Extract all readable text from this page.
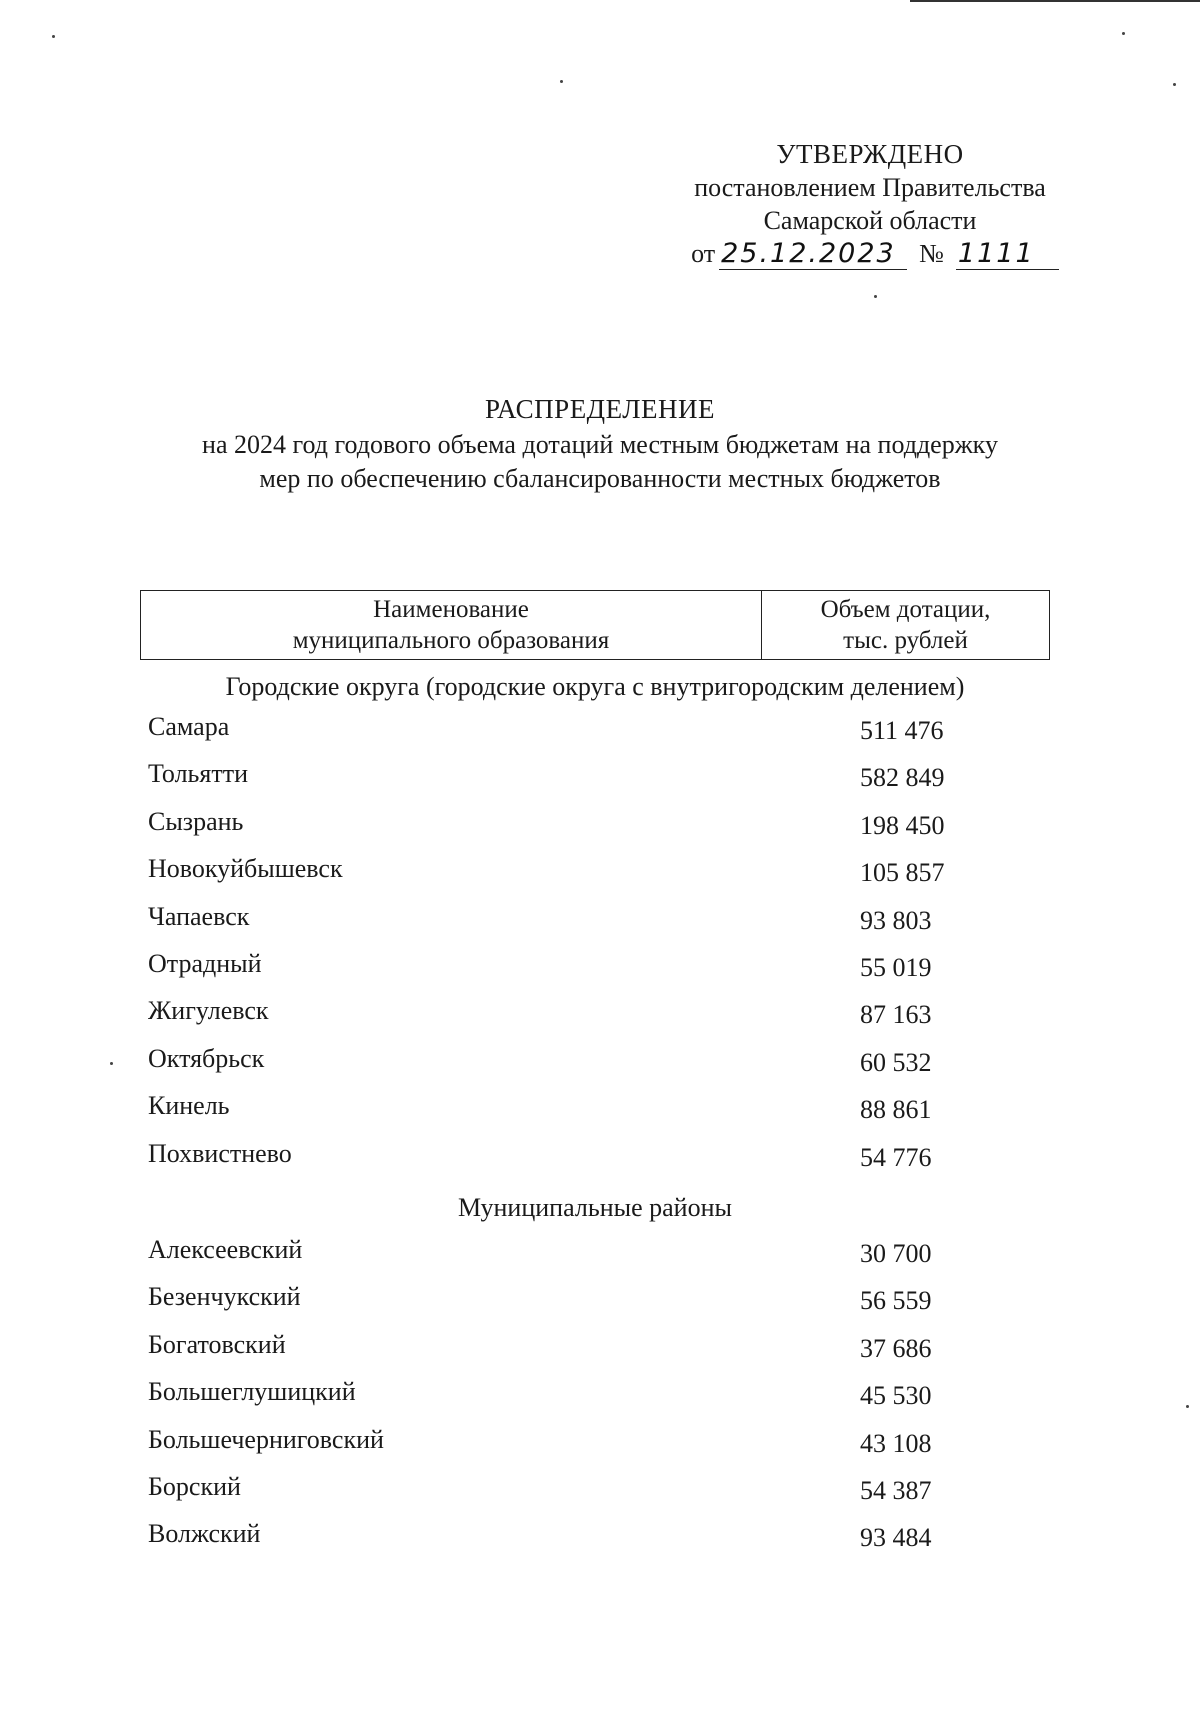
УТВЕРЖДЕНО
постановлением Правительства
Самарской области
от 25.12.2023 № 1111
РАСПРЕДЕЛЕНИЕ
на 2024 год годового объема дотаций местным бюджетам на поддержку
мер по обеспечению сбалансированности местных бюджетов
Наименование
муниципального образования
Объем дотации,
тыс. рублей
Городские округа (городские округа с внутригородским делением)
Самара	511 476
Тольятти	582 849
Сызрань	198 450
Новокуйбышевск	105 857
Чапаевск	93 803
Отрадный	55 019
Жигулевск	87 163
Октябрьск	60 532
Кинель	88 861
Похвистнево	54 776
Муниципальные районы
Алексеевский	30 700
Безенчукский	56 559
Богатовский	37 686
Большеглушицкий	45 530
Большечерниговский	43 108
Борский	54 387
Волжский	93 484
